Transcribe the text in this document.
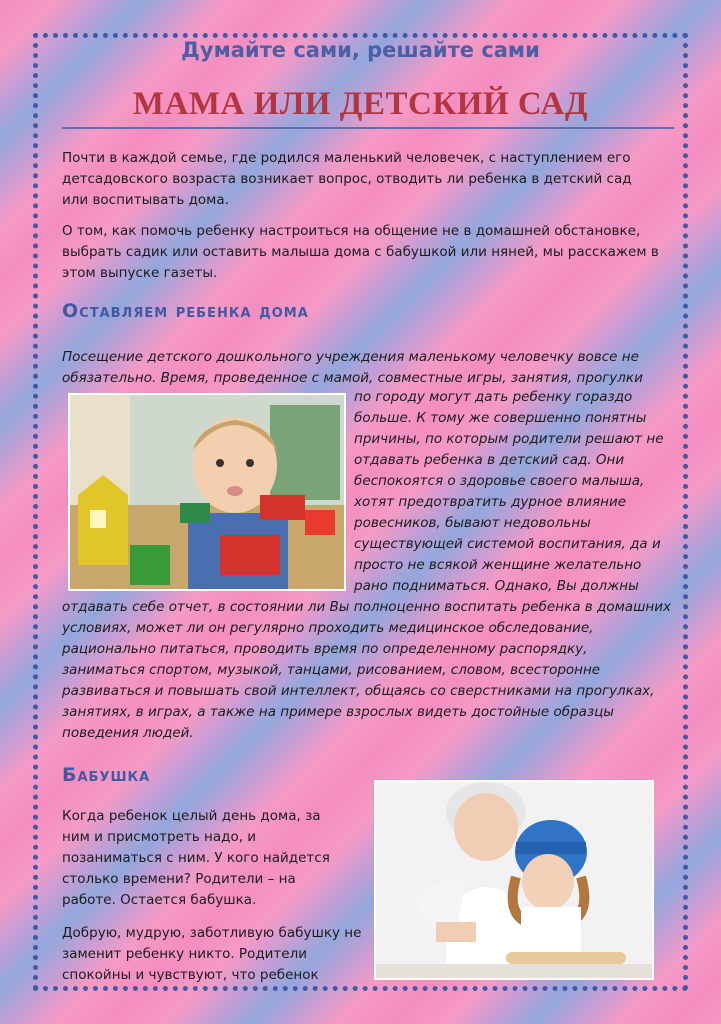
Думайте сами, решайте сами
МАМА ИЛИ ДЕТСКИЙ САД

Почти в каждой семье, где родился маленький человечек, с наступлением его детсадовского возраста возникает вопрос, отводить ли ребенка в детский сад или воспитывать дома.

О том, как помочь ребенку настроиться на общение не в домашней обстановке, выбрать садик или оставить малыша дома с бабушкой или няней, мы расскажем в этом выпуске газеты.

Оставляем ребенка дома

Посещение детского дошкольного учреждения маленькому человечку вовсе не обязательно. Время, проведенное с мамой, совместные игры, занятия, прогулки

по городу могут дать ребенку гораздо больше. К тому же совершенно понятны причины, по которым родители решают не отдавать ребенка в детский сад. Они беспокоятся о здоровье своего малыша, хотят предотвратить дурное влияние ровесников, бывают недовольны существующей системой воспитания, да и просто не всякой женщине желательно рано подниматься. Однако, Вы должны

отдавать себе отчет, в состоянии ли Вы полноценно воспитать ребенка в домашних условиях, может ли он регулярно проходить медицинское обследование, рационально питаться, проводить время по определенному распорядку, заниматься спортом, музыкой, танцами, рисованием, словом, всесторонне развиваться и повышать свой интеллект, общаясь со сверстниками на прогулках, занятиях, в играх, а также на примере взрослых видеть достойные образцы поведения людей.

Бабушка

Когда ребенок целый день дома, за ним и присмотреть надо, и позаниматься с ним. У кого найдется столько времени? Родители – на работе. Остается бабушка.

Добрую, мудрую, заботливую бабушку не заменит ребенку никто. Родители спокойны и чувствуют, что ребенок
